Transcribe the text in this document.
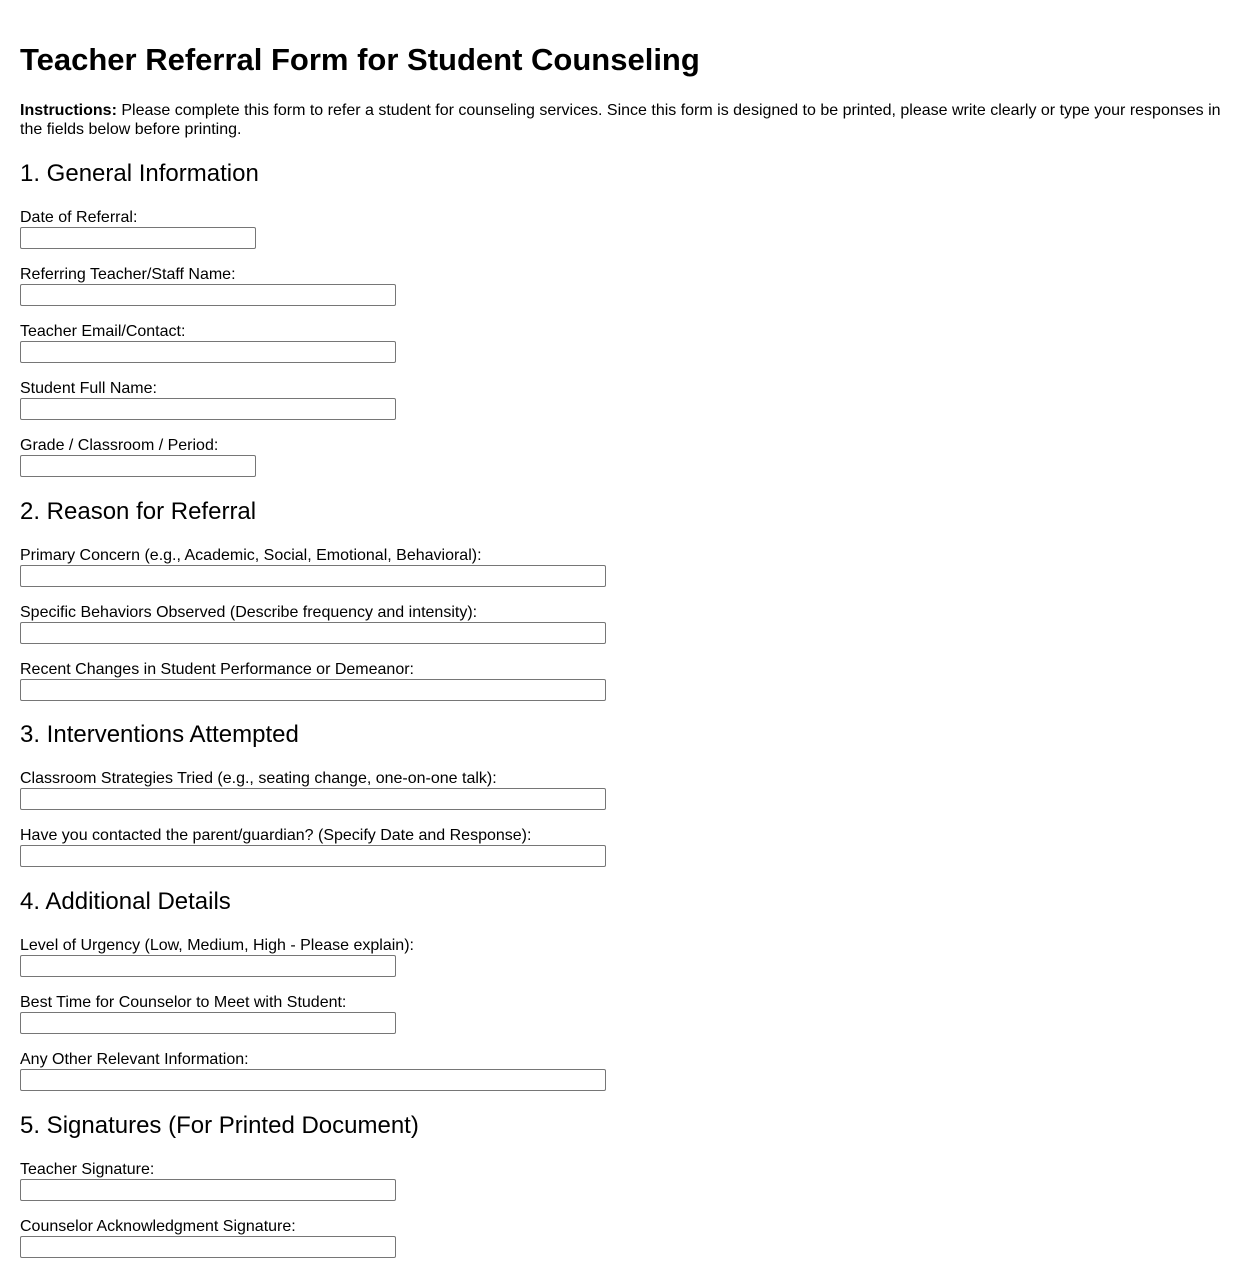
Teacher Referral Form for Student Counseling

Instructions: Please complete this form to refer a student for counseling services. Since this form is designed to be printed, please write clearly or type your responses in the fields below before printing.

1. General Information
Date of Referral:
Referring Teacher/Staff Name:
Teacher Email/Contact:
Student Full Name:
Grade / Classroom / Period:
2. Reason for Referral
Primary Concern (e.g., Academic, Social, Emotional, Behavioral):
Specific Behaviors Observed (Describe frequency and intensity):
Recent Changes in Student Performance or Demeanor:
3. Interventions Attempted
Classroom Strategies Tried (e.g., seating change, one-on-one talk):
Have you contacted the parent/guardian? (Specify Date and Response):
4. Additional Details
Level of Urgency (Low, Medium, High - Please explain):
Best Time for Counselor to Meet with Student:
Any Other Relevant Information:
5. Signatures (For Printed Document)
Teacher Signature:
Counselor Acknowledgment Signature:
